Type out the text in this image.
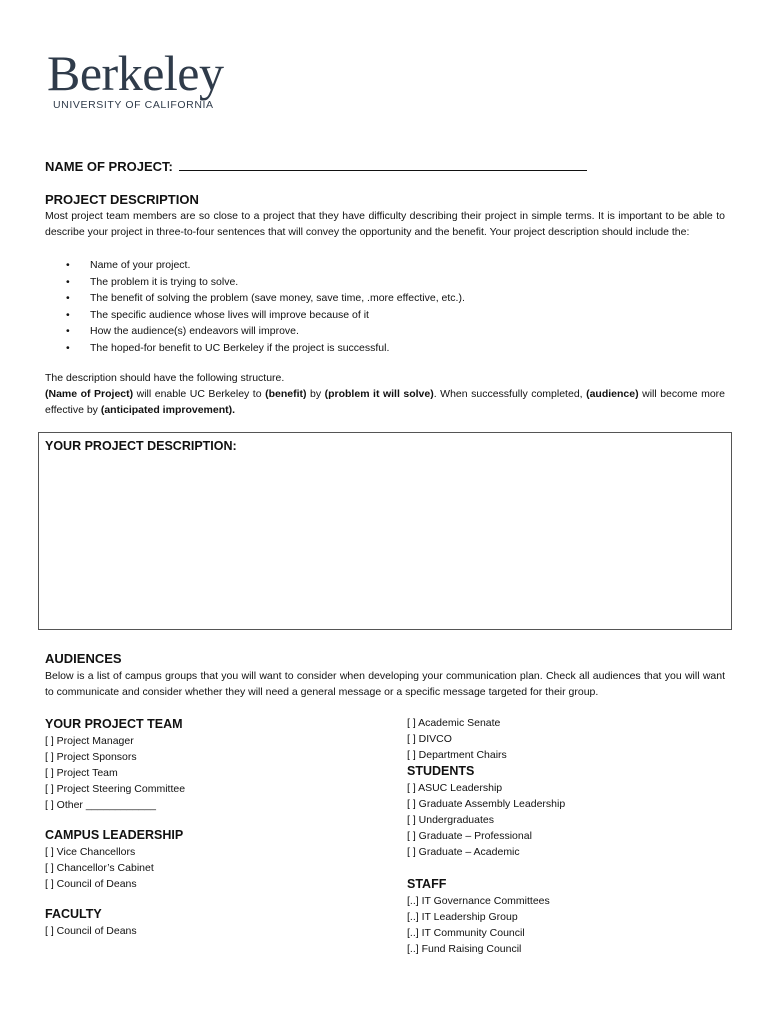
Berkeley
UNIVERSITY OF CALIFORNIA
NAME OF PROJECT:
PROJECT DESCRIPTION

Most project team members are so close to a project that they have difficulty describing their project in simple terms. It is important to be able to describe your project in three-to-four sentences that will convey the opportunity and the benefit. Your project description should include the:

• Name of your project.
• The problem it is trying to solve.
• The benefit of solving the problem (save money, save time, .more effective, etc.).
• The specific audience whose lives will improve because of it
• How the audience(s) endeavors will improve.
• The hoped-for benefit to UC Berkeley if the project is successful.

The description should have the following structure.

(Name of Project) will enable UC Berkeley to (benefit) by (problem it will solve). When successfully completed, (audience) will become more effective by (anticipated improvement).

YOUR PROJECT DESCRIPTION:
AUDIENCES

Below is a list of campus groups that you will want to consider when developing your communication plan. Check all audiences that you will want to communicate and consider whether they will need a general message or a specific message targeted for their group.

YOUR PROJECT TEAM
[ ] Project Manager
[ ] Project Sponsors
[ ] Project Team
[ ] Project Steering Committee
[ ] Other ____________
CAMPUS LEADERSHIP
[ ] Vice Chancellors
[ ] Chancellor’s Cabinet
[ ] Council of Deans
FACULTY
[ ] Council of Deans
[ ] Academic Senate
[ ] DIVCO
[ ] Department Chairs
STUDENTS
[ ] ASUC Leadership
[ ] Graduate Assembly Leadership
[ ] Undergraduates
[ ] Graduate – Professional
[ ] Graduate – Academic
STAFF
[..] IT Governance Committees
[..] IT Leadership Group
[..] IT Community Council
[..] Fund Raising Council
